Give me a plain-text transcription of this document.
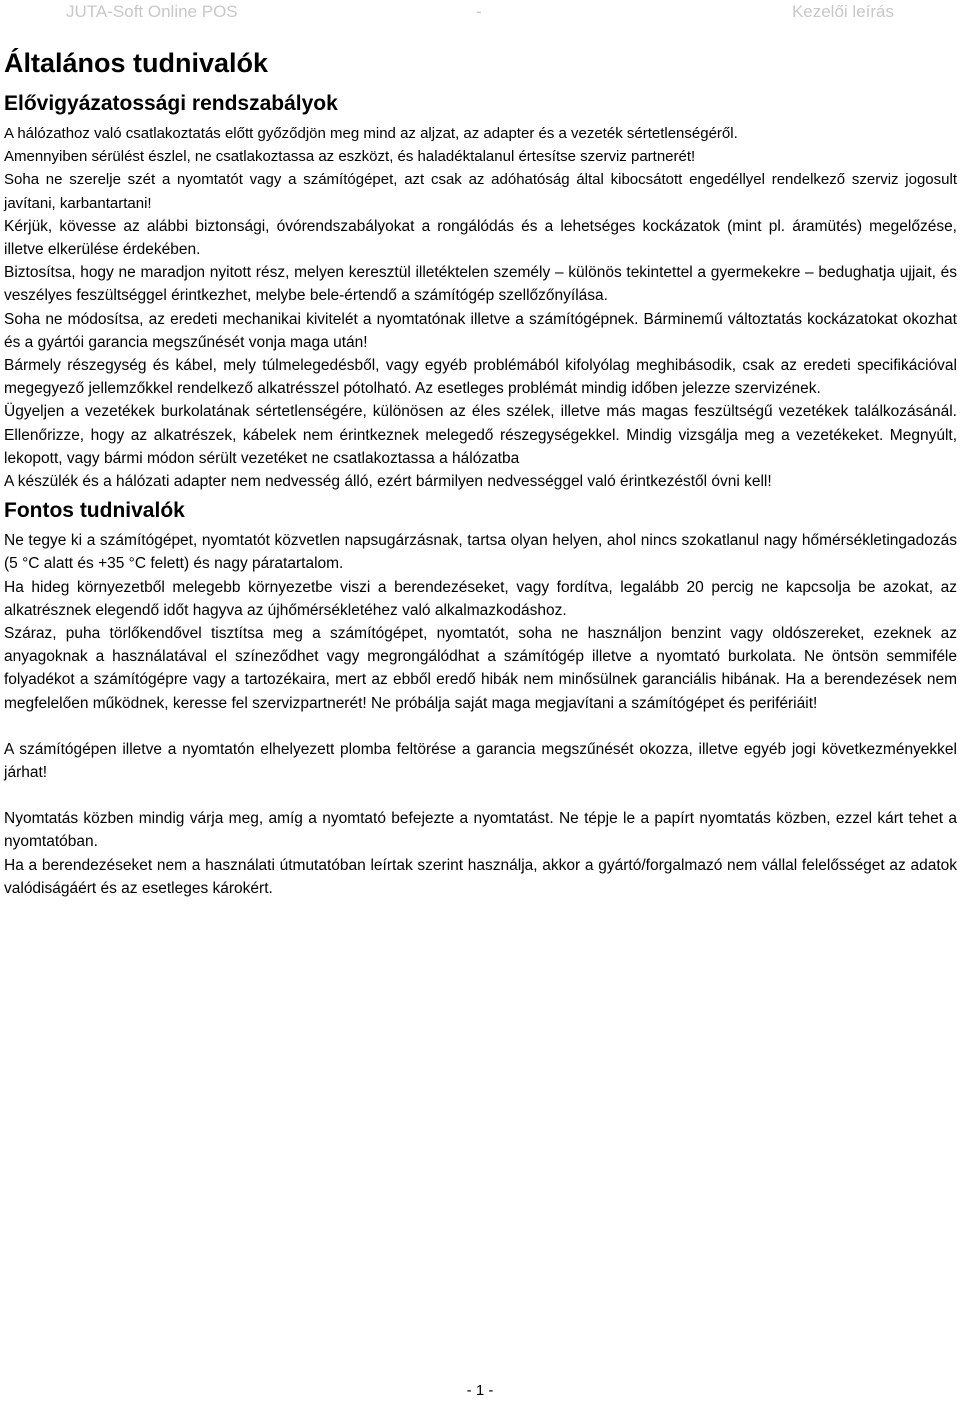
JUTA-Soft Online POS	-	Kezelői leírás
Általános tudnivalók
Elővigyázatossági rendszabályok

A hálózathoz való csatlakoztatás előtt győződjön meg mind az aljzat, az adapter és a vezeték sértetlenségéről.

Amennyiben sérülést észlel, ne csatlakoztassa az eszközt, és haladéktalanul értesítse szerviz partnerét!

Soha ne szerelje szét a nyomtatót vagy a számítógépet, azt csak az adóhatóság által kibocsátott engedéllyel rendelkező szerviz jogosult javítani, karbantartani!

Kérjük, kövesse az alábbi biztonsági, óvórendszabályokat a rongálódás és a lehetséges kockázatok (mint pl. áramütés) megelőzése, illetve elkerülése érdekében.

Biztosítsa, hogy ne maradjon nyitott rész, melyen keresztül illetéktelen személy – különös tekintettel a gyermekekre – bedughatja ujjait, és veszélyes feszültséggel érintkezhet, melybe bele-értendő a számítógép szellőzőnyílása.

Soha ne módosítsa, az eredeti mechanikai kivitelét a nyomtatónak illetve a számítógépnek. Bárminemű változtatás kockázatokat okozhat és a gyártói garancia megszűnését vonja maga után!

Bármely részegység és kábel, mely túlmelegedésből, vagy egyéb problémából kifolyólag meghibásodik, csak az eredeti specifikációval megegyező jellemzőkkel rendelkező alkatrésszel pótolható. Az esetleges problémát mindig időben jelezze szervizének.

Ügyeljen a vezetékek burkolatának sértetlenségére, különösen az éles szélek, illetve más magas feszültségű vezetékek találkozásánál. Ellenőrizze, hogy az alkatrészek, kábelek nem érintkeznek melegedő részegységekkel. Mindig vizsgálja meg a vezetékeket. Megnyúlt, lekopott, vagy bármi módon sérült vezetéket ne csatlakoztassa a hálózatba

A készülék és a hálózati adapter nem nedvesség álló, ezért bármilyen nedvességgel való érintkezéstől óvni kell!

Fontos tudnivalók

Ne tegye ki a számítógépet, nyomtatót közvetlen napsugárzásnak, tartsa olyan helyen, ahol nincs szokatlanul nagy hőmérsékletingadozás (5 °C alatt és +35 °C felett) és nagy páratartalom.

Ha hideg környezetből melegebb környezetbe viszi a berendezéseket, vagy fordítva, legalább 20 percig ne kapcsolja be azokat, az alkatrésznek elegendő időt hagyva az újhőmérsékletéhez való alkalmazkodáshoz.

Száraz, puha törlőkendővel tisztítsa meg a számítógépet, nyomtatót, soha ne használjon benzint vagy oldószereket, ezeknek az anyagoknak a használatával el színeződhet vagy megrongálódhat a számítógép illetve a nyomtató burkolata. Ne öntsön semmiféle folyadékot a számítógépre vagy a tartozékaira, mert az ebből eredő hibák nem minősülnek garanciális hibának. Ha a berendezések nem megfelelően működnek, keresse fel szervizpartnerét! Ne próbálja saját maga megjavítani a számítógépet és perifériáit!

A számítógépen illetve a nyomtatón elhelyezett plomba feltörése a garancia megszűnését okozza, illetve egyéb jogi következményekkel járhat!

Nyomtatás közben mindig várja meg, amíg a nyomtató befejezte a nyomtatást. Ne tépje le a papírt nyomtatás közben, ezzel kárt tehet a nyomtatóban.

Ha a berendezéseket nem a használati útmutatóban leírtak szerint használja, akkor a gyártó/forgalmazó nem vállal felelősséget az adatok valódiságáért és az esetleges károkért.

- 1 -
